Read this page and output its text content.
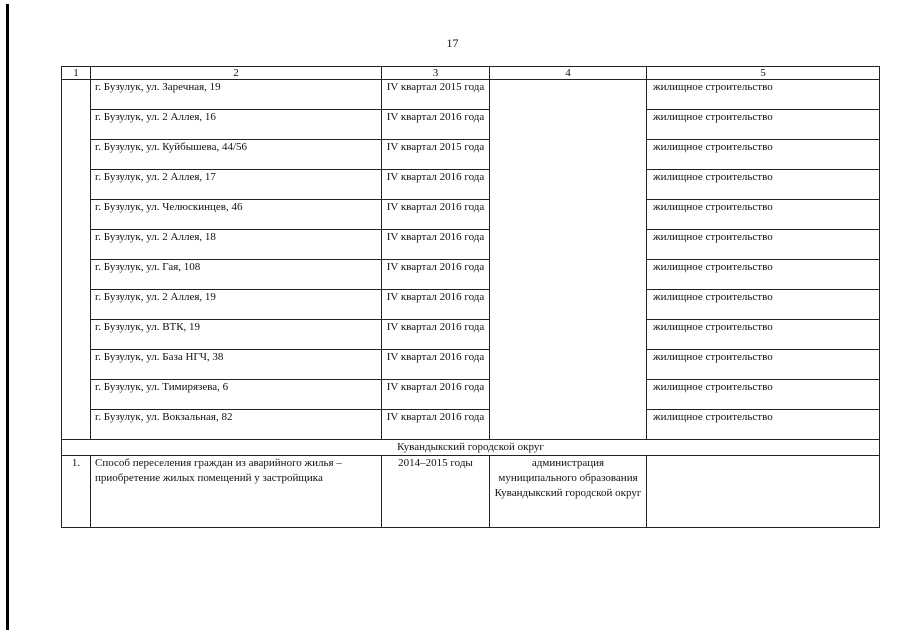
17
1	2	3	4	5
	г. Бузулук, ул. Заречная, 19	IV квартал 2015 года		жилищное строительство
	г. Бузулук, ул. 2 Аллея, 16	IV квартал 2016 года		жилищное строительство
	г. Бузулук, ул. Куйбышева, 44/56	IV квартал 2015 года		жилищное строительство
	г. Бузулук, ул. 2 Аллея, 17	IV квартал 2016 года		жилищное строительство
	г. Бузулук, ул. Челюскинцев, 46	IV квартал 2016 года		жилищное строительство
	г. Бузулук, ул. 2 Аллея, 18	IV квартал 2016 года		жилищное строительство
	г. Бузулук, ул. Гая, 108	IV квартал 2016 года		жилищное строительство
	г. Бузулук, ул. 2 Аллея, 19	IV квартал 2016 года		жилищное строительство
	г. Бузулук, ул. ВТК, 19	IV квартал 2016 года		жилищное строительство
	г. Бузулук, ул. База НГЧ, 38	IV квартал 2016 года		жилищное строительство
	г. Бузулук, ул. Тимирязева, 6	IV квартал 2016 года		жилищное строительство
	г. Бузулук, ул. Вокзальная, 82	IV квартал 2016 года		жилищное строительство
Кувандыкский городской округ				
1.	Способ переселения граждан из аварийного жилья – приобретение жилых помещений у застройщика	2014–2015 годы	администрация муниципального образования Кувандыкский городской округ	
